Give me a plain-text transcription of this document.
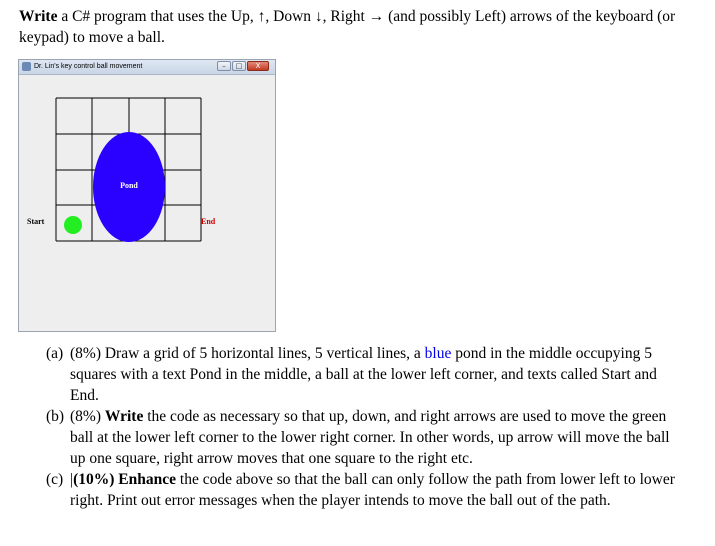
Write a C# program that uses the Up, ↑, Down ↓, Right → (and possibly Left) arrows of the keyboard (or keypad) to move a ball.
Dr. Lin's key control ball movement	–	□	X
Pond
Start	End
(a) (8%) Draw a grid of 5 horizontal lines, 5 vertical lines, a blue pond in the middle occupying 5 squares with a text Pond in the middle, a ball at the lower left corner, and texts called Start and End.
(b) (8%) Write the code as necessary so that up, down, and right arrows are used to move the green ball at the lower left corner to the lower right corner. In other words, up arrow will move the ball up one square, right arrow moves that one square to the right etc.
(c) |(10%) Enhance the code above so that the ball can only follow the path from lower left to lower right. Print out error messages when the player intends to move the ball out of the path.
